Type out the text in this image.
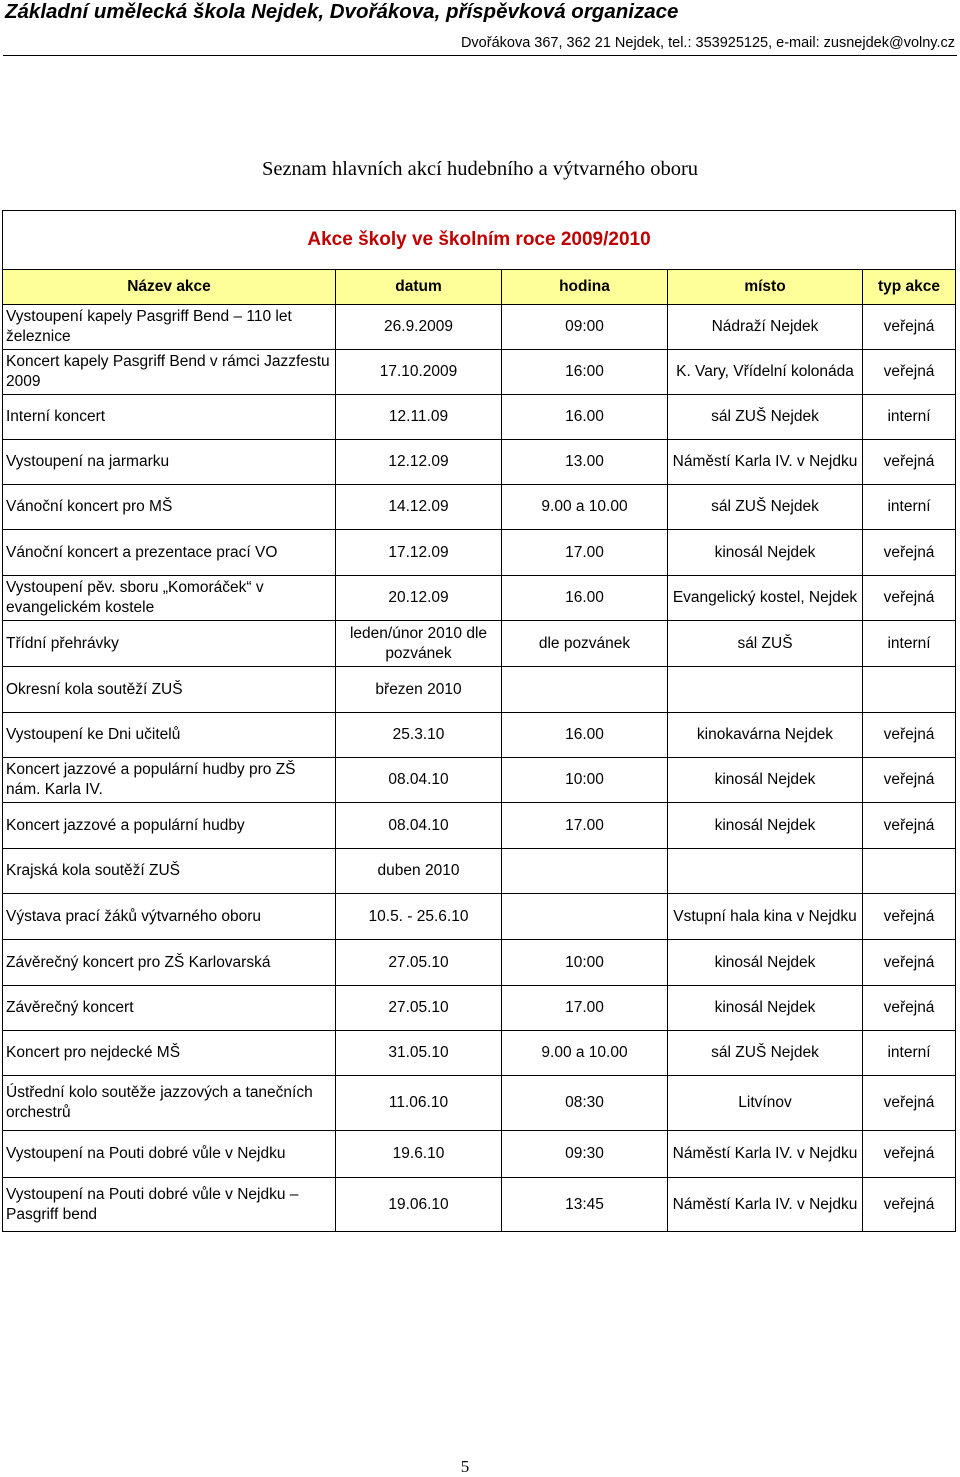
Základní umělecká škola Nejdek, Dvořákova, příspěvková organizace
Dvořákova 367, 362 21 Nejdek, tel.: 353925125, e-mail: zusnejdek@volny.cz
Seznam hlavních akcí hudebního a výtvarného oboru
Akce školy ve školním roce 2009/2010				
Název akce	datum	hodina	místo	typ akce
Vystoupení kapely Pasgriff Bend – 110 let železnice	26.9.2009	09:00	Nádraží Nejdek	veřejná
Koncert kapely Pasgriff Bend v rámci Jazzfestu 2009	17.10.2009	16:00	K. Vary, Vřídelní kolonáda	veřejná
Interní koncert	12.11.09	16.00	sál ZUŠ Nejdek	interní
Vystoupení na jarmarku	12.12.09	13.00	Náměstí Karla IV. v Nejdku	veřejná
Vánoční koncert pro MŠ	14.12.09	9.00 a 10.00	sál ZUŠ Nejdek	interní
Vánoční koncert a prezentace prací VO	17.12.09	17.00	kinosál Nejdek	veřejná
Vystoupení pěv. sboru „Komoráček“ v evangelickém kostele	20.12.09	16.00	Evangelický kostel, Nejdek	veřejná
Třídní přehrávky	leden/únor 2010 dle pozvánek	dle pozvánek	sál ZUŠ	interní
Okresní kola soutěží ZUŠ	březen 2010			
Vystoupení ke Dni učitelů	25.3.10	16.00	kinokavárna Nejdek	veřejná
Koncert jazzové a populární hudby pro ZŠ nám. Karla IV.	08.04.10	10:00	kinosál Nejdek	veřejná
Koncert jazzové a populární hudby	08.04.10	17.00	kinosál Nejdek	veřejná
Krajská kola soutěží ZUŠ	duben 2010			
Výstava prací žáků výtvarného oboru	10.5. - 25.6.10		Vstupní hala kina v Nejdku	veřejná
Závěrečný koncert pro ZŠ Karlovarská	27.05.10	10:00	kinosál Nejdek	veřejná
Závěrečný koncert	27.05.10	17.00	kinosál Nejdek	veřejná
Koncert pro nejdecké MŠ	31.05.10	9.00 a 10.00	sál ZUŠ Nejdek	interní
Ústřední kolo soutěže jazzových a tanečních orchestrů	11.06.10	08:30	Litvínov	veřejná
Vystoupení na Pouti dobré vůle v Nejdku	19.6.10	09:30	Náměstí Karla IV. v Nejdku	veřejná
Vystoupení na Pouti dobré vůle v Nejdku – Pasgriff bend	19.06.10	13:45	Náměstí Karla IV. v Nejdku	veřejná
5
